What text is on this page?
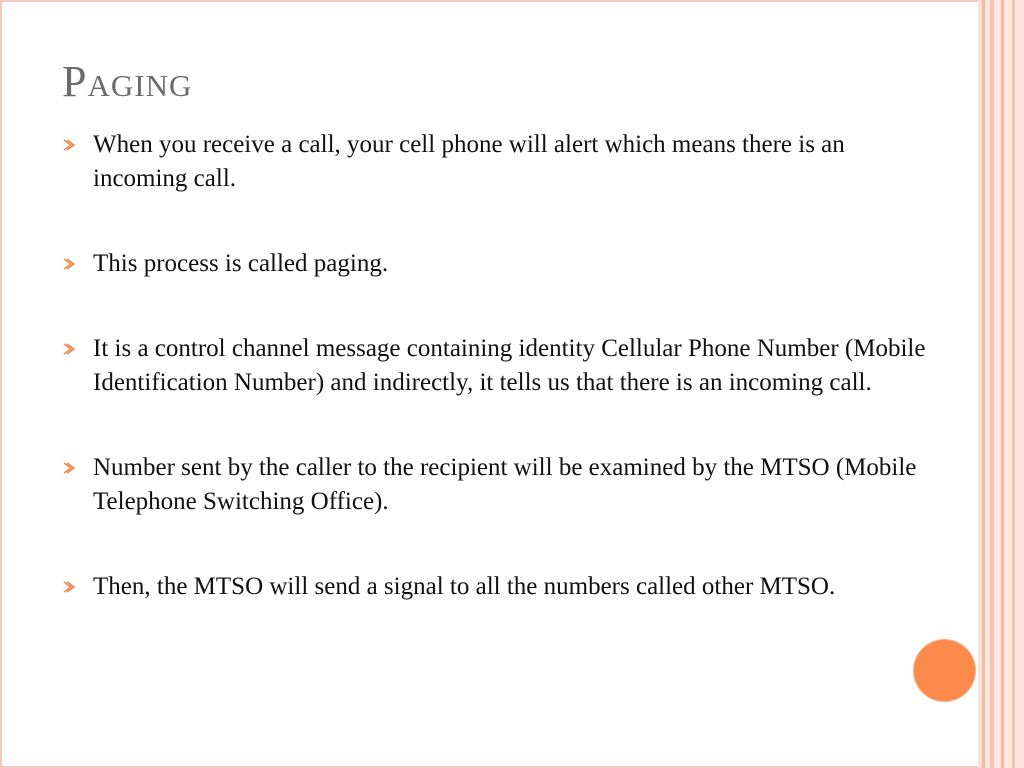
Paging
When you receive a call, your cell phone will alert which means there is an incoming call.
This process is called paging.
It is a control channel message containing identity Cellular Phone Number (Mobile Identification Number) and indirectly, it tells us that there is an incoming call.
Number sent by the caller to the recipient will be examined by the MTSO (Mobile Telephone Switching Office).
Then, the MTSO will send a signal to all the numbers called other MTSO.
